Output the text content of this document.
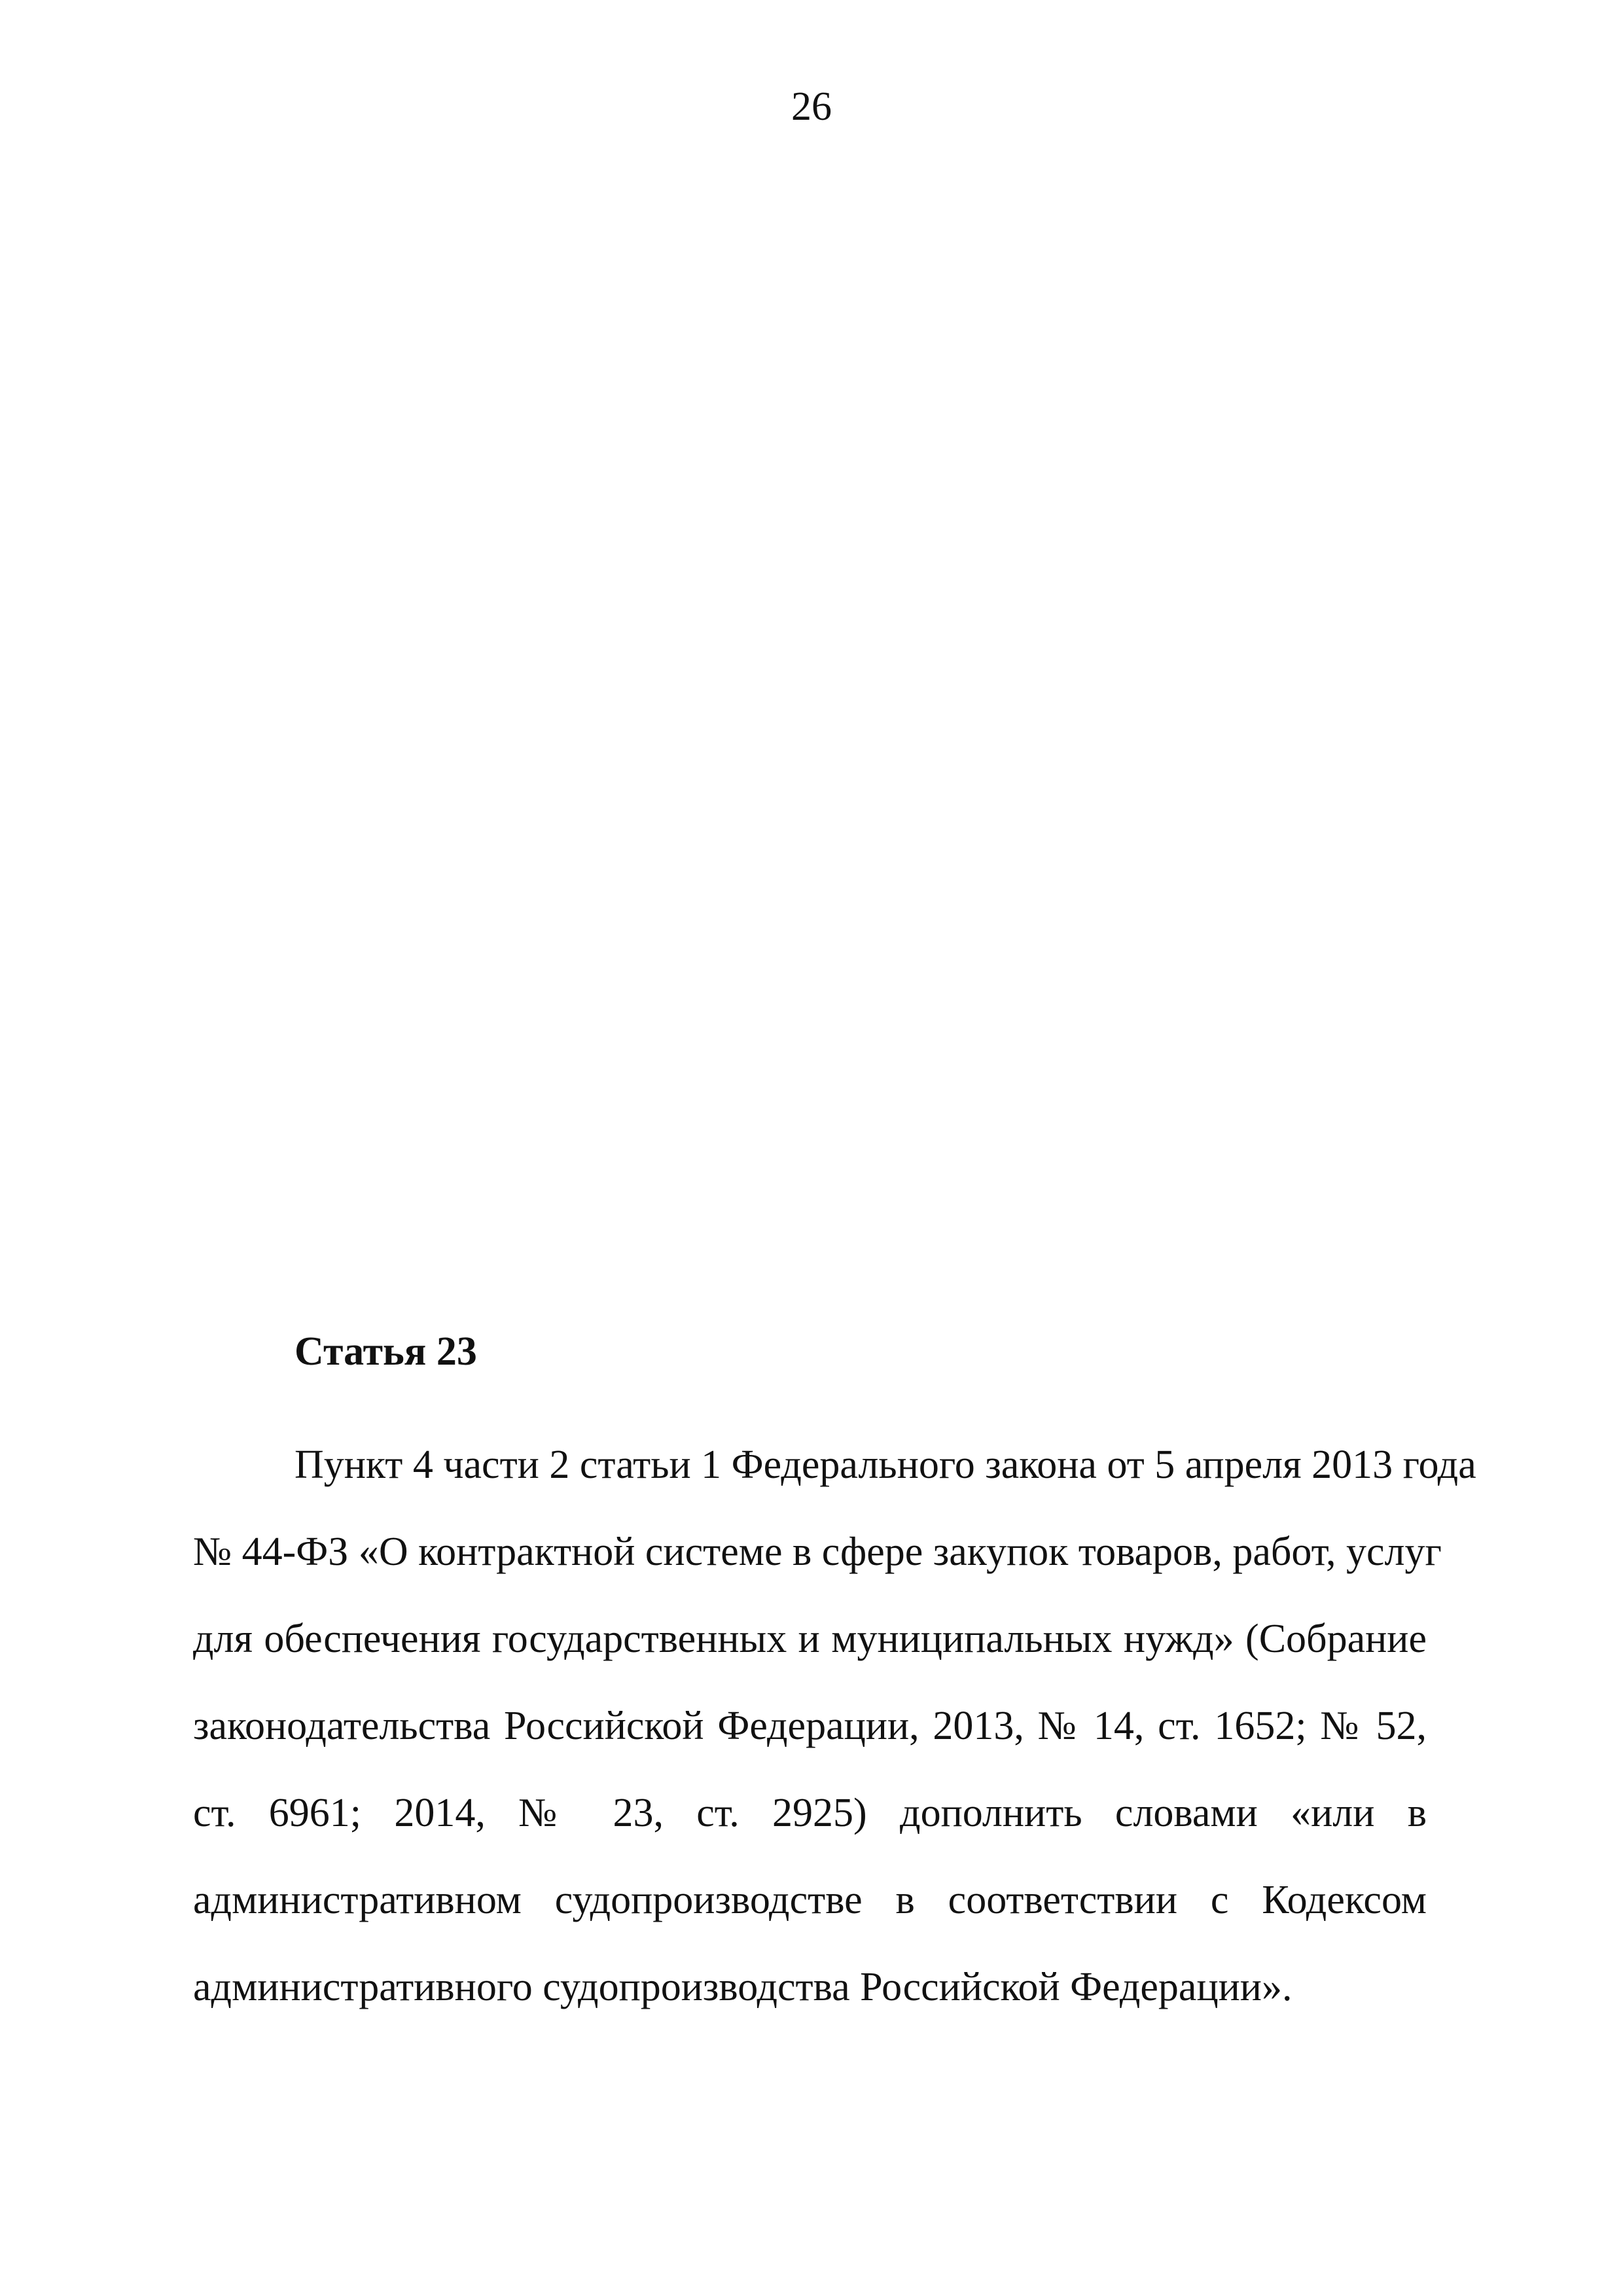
26
Статья 23
Пункт 4 части 2 статьи 1 Федерального закона от 5 апреля 2013 года
№ 44-ФЗ «О контрактной системе в сфере закупок товаров, работ, услуг
для обеспечения государственных и муниципальных нужд» (Собрание
законодательства Российской Федерации, 2013, № 14, ст. 1652; № 52,
ст. 6961; 2014, № 23, ст. 2925) дополнить словами «или в
административном судопроизводстве в соответствии с Кодексом
административного судопроизводства Российской Федерации».
